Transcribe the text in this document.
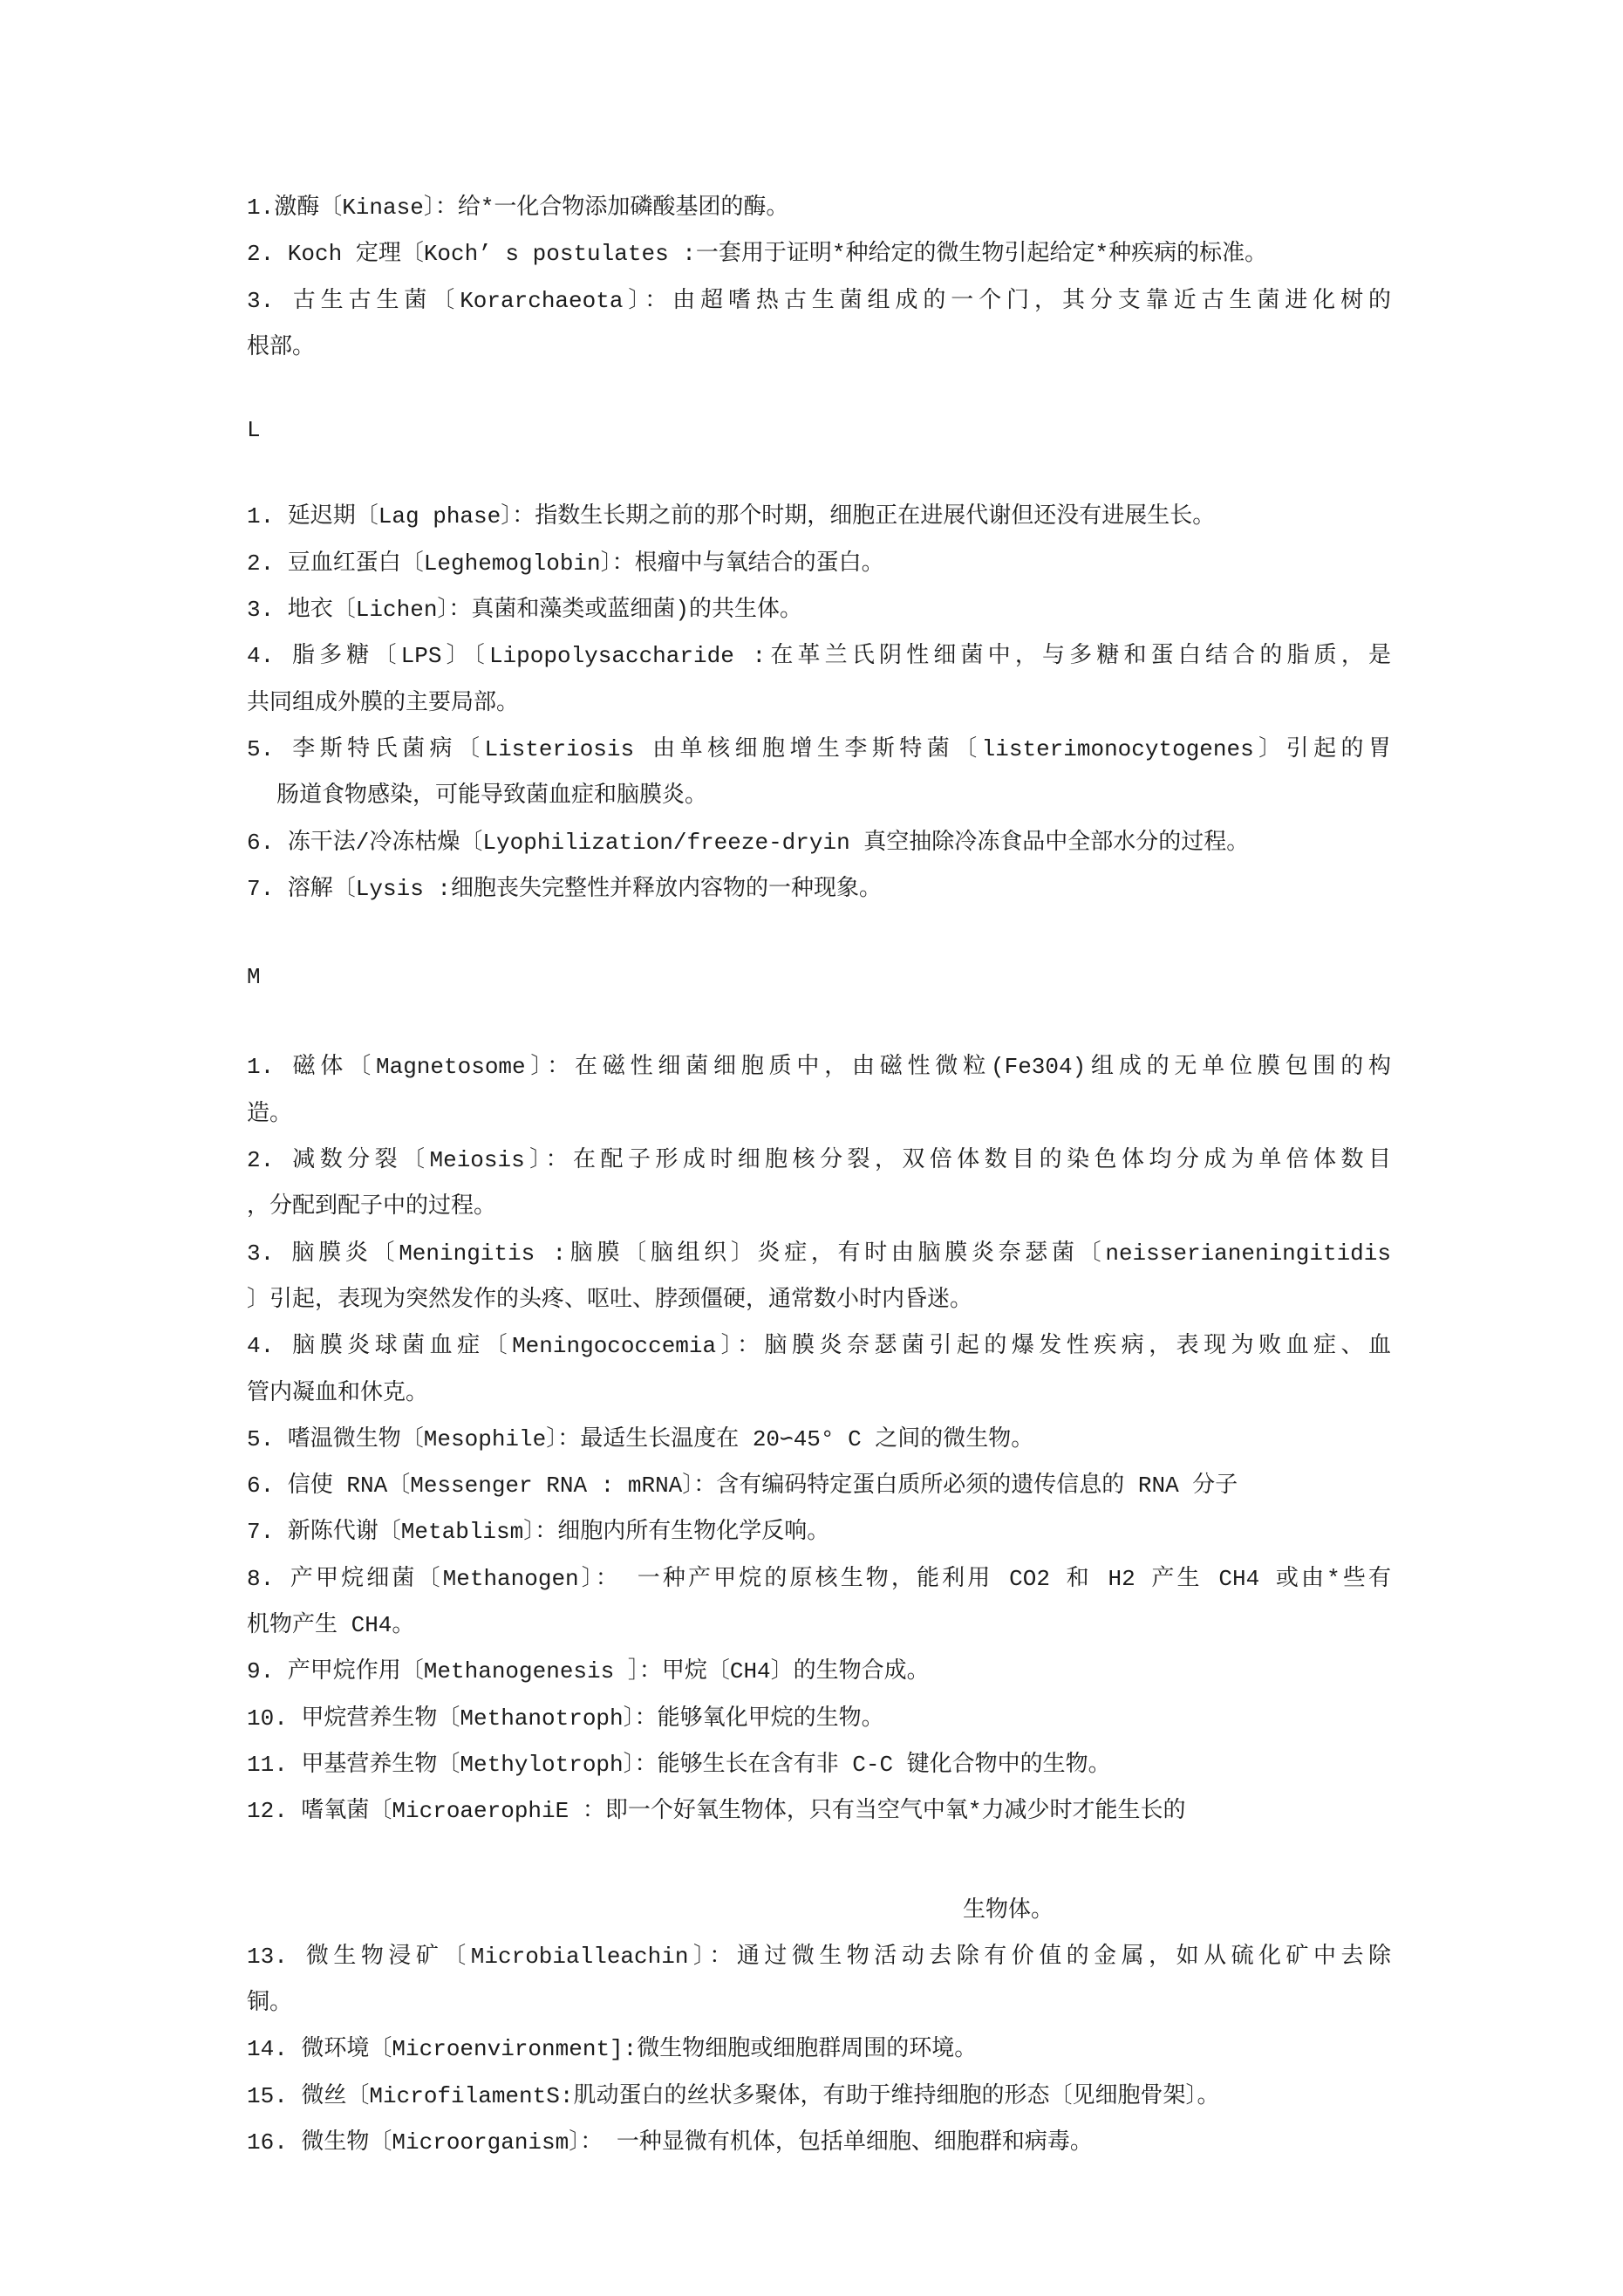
1.激酶〔Kinase〕：给*一化合物添加磷酸基团的酶。
2. Koch 定理〔Koch’ s postulates :一套用于证明*种给定的微生物引起给定*种疾病的标准。
3. 古生古生菌〔Korarchaeota〕：由超嗜热古生菌组成的一个门，其分支靠近古生菌进化树的
根部。
L
1. 延迟期〔Lag phase〕：指数生长期之前的那个时期，细胞正在进展代谢但还没有进展生长。
2. 豆血红蛋白〔Leghemoglobin〕：根瘤中与氧结合的蛋白。
3. 地衣〔Lichen〕：真菌和藻类或蓝细菌)的共生体。
4. 脂多糖〔LPS〕〔Lipopolysaccharide :在革兰氏阴性细菌中，与多糖和蛋白结合的脂质，是
共同组成外膜的主要局部。
5. 李斯特氏菌病〔Listeriosis 由单核细胞增生李斯特菌〔listerimonocytogenes〕引起的胃
肠道食物感染，可能导致菌血症和脑膜炎。
6. 冻干法/冷冻枯燥〔Lyophilization/freeze-dryin 真空抽除冷冻食品中全部水分的过程。
7. 溶解〔Lysis :细胞丧失完整性并释放内容物的一种现象。
M
1. 磁体〔Magnetosome〕：在磁性细菌细胞质中，由磁性微粒(Fe304)组成的无单位膜包围的构
造。
2. 减数分裂〔Meiosis〕：在配子形成时细胞核分裂，双倍体数目的染色体均分成为单倍体数目
，分配到配子中的过程。
3. 脑膜炎〔Meningitis :脑膜〔脑组织〕炎症，有时由脑膜炎奈瑟菌〔neisserianeningitidis
〕引起，表现为突然发作的头疼、呕吐、脖颈僵硬，通常数小时内昏迷。
4. 脑膜炎球菌血症〔Meningococcemia〕：脑膜炎奈瑟菌引起的爆发性疾病，表现为败血症、血
管内凝血和休克。
5. 嗜温微生物〔Mesophile〕：最适生长温度在 20∽45° C 之间的微生物。
6. 信使 RNA〔Messenger RNA : mRNA〕：含有编码特定蛋白质所必须的遗传信息的 RNA 分子
7. 新陈代谢〔Metablism〕：细胞内所有生物化学反响。
8. 产甲烷细菌〔Methanogen〕： 一种产甲烷的原核生物，能利用 CO2 和 H2 产生 CH4 或由*些有
机物产生 CH4。
9. 产甲烷作用〔Methanogenesis ］：甲烷〔CH4〕的生物合成。
10. 甲烷营养生物〔Methanotroph〕：能够氧化甲烷的生物。
11. 甲基营养生物〔Methylotroph〕：能够生长在含有非 C-C 键化合物中的生物。
12. 嗜氧菌〔MicroaerophiE ：即一个好氧生物体，只有当空气中氧*力减少时才能生长的
生物体。
13. 微生物浸矿〔Microbialleachin〕：通过微生物活动去除有价值的金属，如从硫化矿中去除
铜。
14. 微环境〔Microenvironment]:微生物细胞或细胞群周围的环境。
15. 微丝〔MicrofilamentS:肌动蛋白的丝状多聚体，有助于维持细胞的形态〔见细胞骨架〕。
16. 微生物〔Microorganism〕： 一种显微有机体，包括单细胞、细胞群和病毒。
